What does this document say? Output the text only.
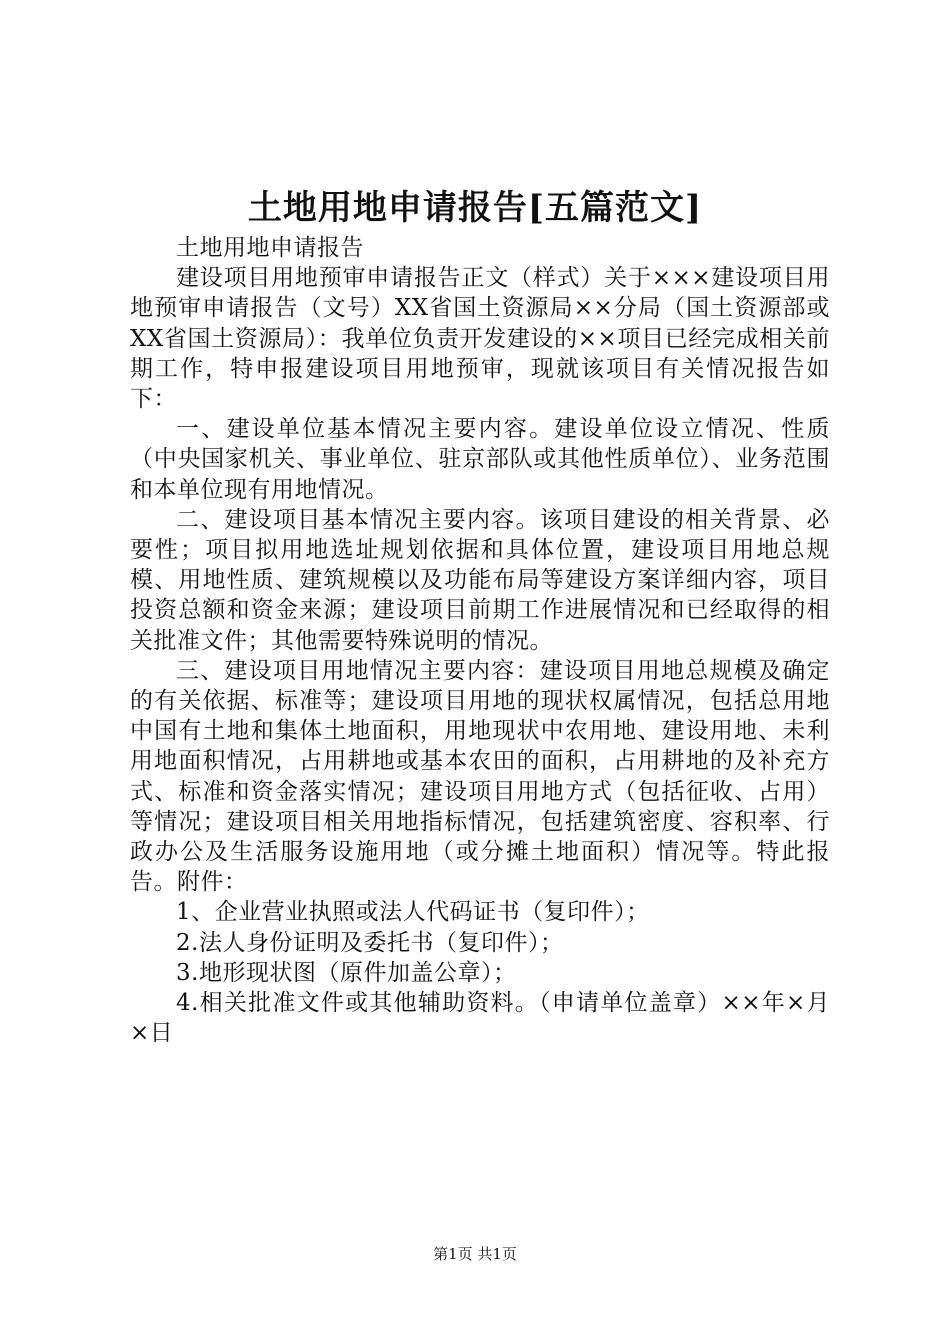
土地用地申请报告[五篇范文]

土地用地申请报告

建设项目用地预审申请报告正文（样式）关于×××建设项目用地预审申请报告（文号）XX省国土资源局××分局（国土资源部或XX省国土资源局）：我单位负责开发建设的××项目已经完成相关前期工作，特申报建设项目用地预审，现就该项目有关情况报告如下：

一、建设单位基本情况主要内容。建设单位设立情况、性质（中央国家机关、事业单位、驻京部队或其他性质单位）、业务范围和本单位现有用地情况。

二、建设项目基本情况主要内容。该项目建设的相关背景、必要性；项目拟用地选址规划依据和具体位置，建设项目用地总规模、用地性质、建筑规模以及功能布局等建设方案详细内容，项目投资总额和资金来源；建设项目前期工作进展情况和已经取得的相关批准文件；其他需要特殊说明的情况。

三、建设项目用地情况主要内容：建设项目用地总规模及确定的有关依据、标准等；建设项目用地的现状权属情况，包括总用地中国有土地和集体土地面积，用地现状中农用地、建设用地、未利用地面积情况，占用耕地或基本农田的面积，占用耕地的及补充方式、标准和资金落实情况；建设项目用地方式（包括征收、占用）等情况；建设项目相关用地指标情况，包括建筑密度、容积率、行政办公及生活服务设施用地（或分摊土地面积）情况等。特此报告。附件：

1、企业营业执照或法人代码证书（复印件）；

2.法人身份证明及委托书（复印件）；

3.地形现状图（原件加盖公章）；

4.相关批准文件或其他辅助资料。（申请单位盖章）××年×月×日

第1页 共1页
